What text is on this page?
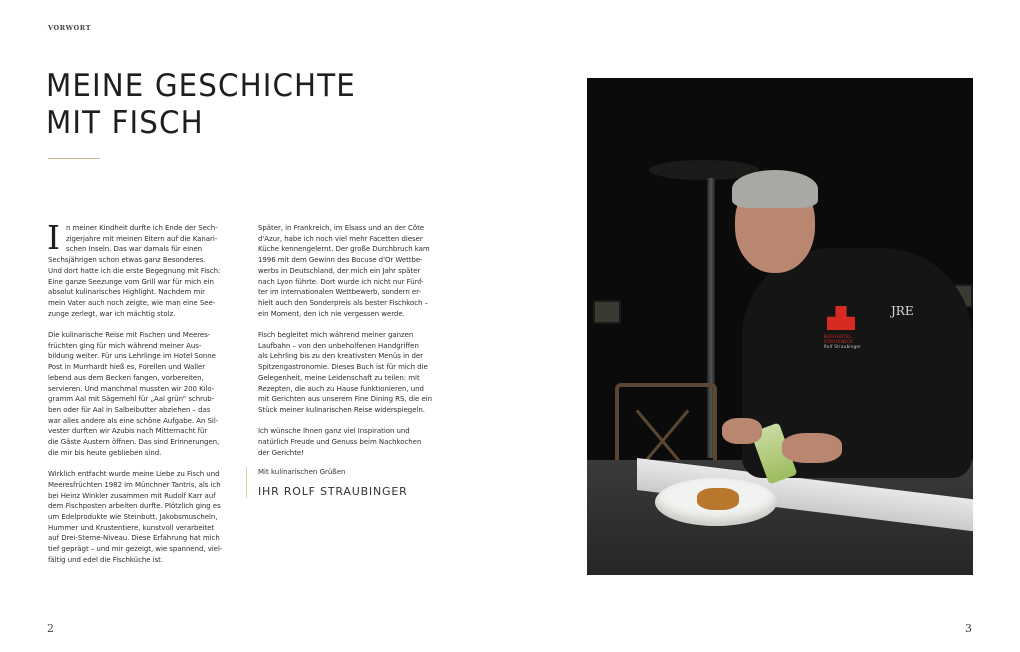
VORWORT
MEINE GESCHICHTE
MIT FISCH

I n meiner Kindheit durfte ich Ende der Sech-
zigerjahre mit meinen Eltern auf die Kanari-
schen Inseln. Das war damals für einen
Sechsjährigen schon etwas ganz Besonderes.
Und dort hatte ich die erste Begegnung mit Fisch:
Eine ganze Seezunge vom Grill war für mich ein
absolut kulinarisches Highlight. Nachdem mir
mein Vater auch noch zeigte, wie man eine See-
zunge zerlegt, war ich mächtig stolz.

Die kulinarische Reise mit Fischen und Meeres-
früchten ging für mich während meiner Aus-
bildung weiter. Für uns Lehrlinge im Hotel Sonne
Post in Murrhardt hieß es, Forellen und Waller
lebend aus dem Becken fangen, vorbereiten,
servieren. Und manchmal mussten wir 200 Kilo-
gramm Aal mit Sägemehl für „Aal grün“ schrub-
ben oder für Aal in Salbeibutter abziehen – das
war alles andere als eine schöne Aufgabe. An Sil-
vester durften wir Azubis nach Mitternacht für
die Gäste Austern öffnen. Das sind Erinnerungen,
die mir bis heute geblieben sind.

Wirklich entfacht wurde meine Liebe zu Fisch und
Meeresfrüchten 1982 im Münchner Tantris, als ich
bei Heinz Winkler zusammen mit Rudolf Karr auf
dem Fischposten arbeiten durfte. Plötzlich ging es
um Edelprodukte wie Steinbutt, Jakobsmuscheln,
Hummer und Krustentiere, kunstvoll verarbeitet
auf Drei-Sterne-Niveau. Diese Erfahrung hat mich
tief geprägt – und mir gezeigt, wie spannend, viel-
fältig und edel die Fischküche ist.

Später, in Frankreich, im Elsass und an der Côte
d'Azur, habe ich noch viel mehr Facetten dieser
Küche kennengelernt. Der große Durchbruch kam
1996 mit dem Gewinn des Bocuse d'Or Wettbe-
werbs in Deutschland, der mich ein Jahr später
nach Lyon führte. Dort wurde ich nicht nur Fünf-
ter im internationalen Wettbewerb, sondern er-
hielt auch den Sonderpreis als bester Fischkoch –
ein Moment, den ich nie vergessen werde.

Fisch begleitet mich während meiner ganzen
Laufbahn – von den unbeholfenen Handgriffen
als Lehrling bis zu den kreativsten Menüs in der
Spitzengastronomie. Dieses Buch ist für mich die
Gelegenheit, meine Leidenschaft zu teilen: mit
Rezepten, die auch zu Hause funktionieren, und
mit Gerichten aus unserem Fine Dining RS, die ein
Stück meiner kulinarischen Reise widerspiegeln.

Ich wünsche Ihnen ganz viel Inspiration und
natürlich Freude und Genuss beim Nachkochen
der Gerichte!

Mit kulinarischen Grüßen
IHR ROLF STRAUBINGER
BURGHOTEL
STAUFENECK
Rolf Straubinger
JRE
2	3
